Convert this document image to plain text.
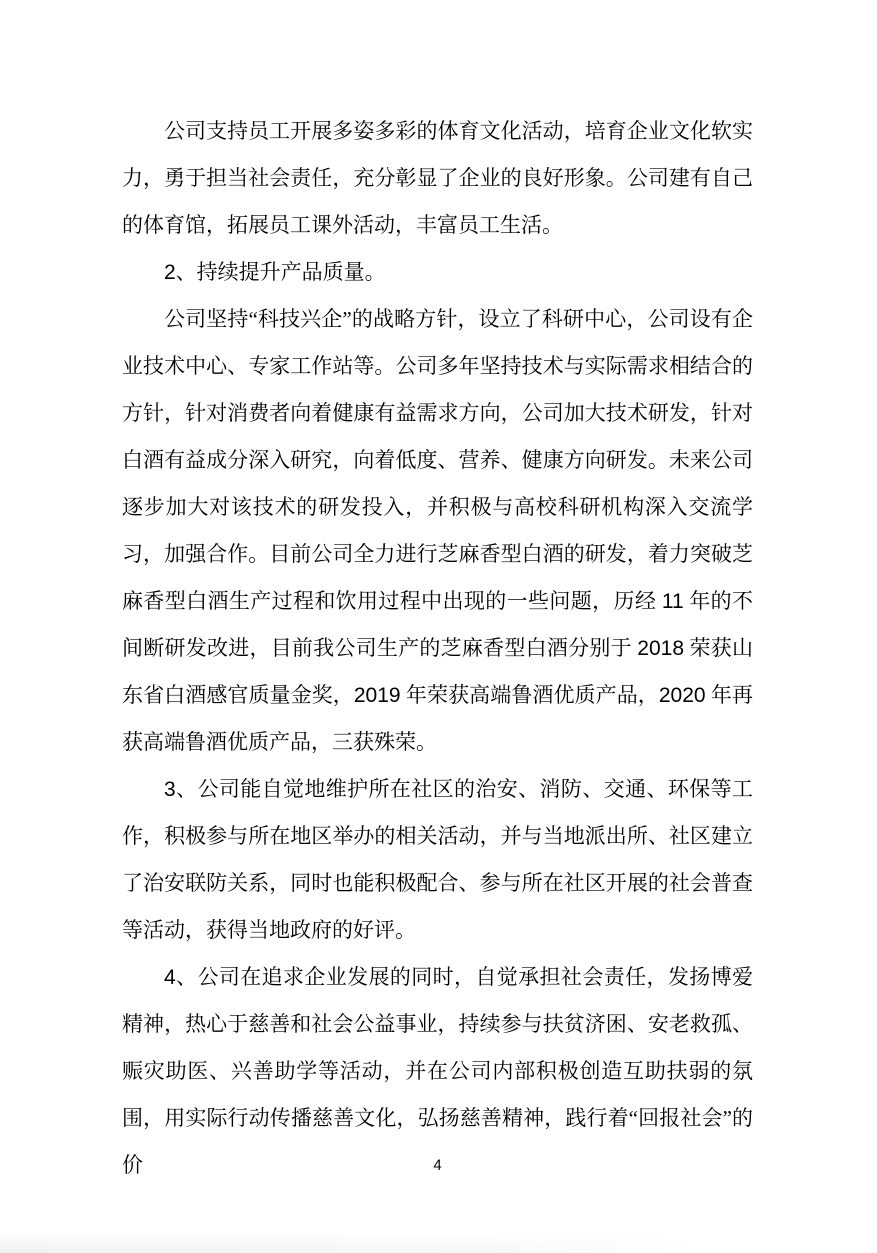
公司支持员工开展多姿多彩的体育文化活动，培育企业文化软实力，勇于担当社会责任，充分彰显了企业的良好形象。公司建有自己的体育馆，拓展员工课外活动，丰富员工生活。

2、持续提升产品质量。

公司坚持“科技兴企”的战略方针，设立了科研中心，公司设有企业技术中心、专家工作站等。公司多年坚持技术与实际需求相结合的方针，针对消费者向着健康有益需求方向，公司加大技术研发，针对白酒有益成分深入研究，向着低度、营养、健康方向研发。未来公司逐步加大对该技术的研发投入，并积极与高校科研机构深入交流学习，加强合作。目前公司全力进行芝麻香型白酒的研发，着力突破芝麻香型白酒生产过程和饮用过程中出现的一些问题，历经 11 年的不间断研发改进，目前我公司生产的芝麻香型白酒分别于 2018 荣获山东省白酒感官质量金奖，2019 年荣获高端鲁酒优质产品，2020 年再获高端鲁酒优质产品，三获殊荣。

3、公司能自觉地维护所在社区的治安、消防、交通、环保等工作，积极参与所在地区举办的相关活动，并与当地派出所、社区建立了治安联防关系，同时也能积极配合、参与所在社区开展的社会普查等活动，获得当地政府的好评。

4、公司在追求企业发展的同时，自觉承担社会责任，发扬博爱精神，热心于慈善和社会公益事业，持续参与扶贫济困、安老救孤、赈灾助医、兴善助学等活动，并在公司内部积极创造互助扶弱的氛围，用实际行动传播慈善文化，弘扬慈善精神，践行着“回报社会”的价	4
